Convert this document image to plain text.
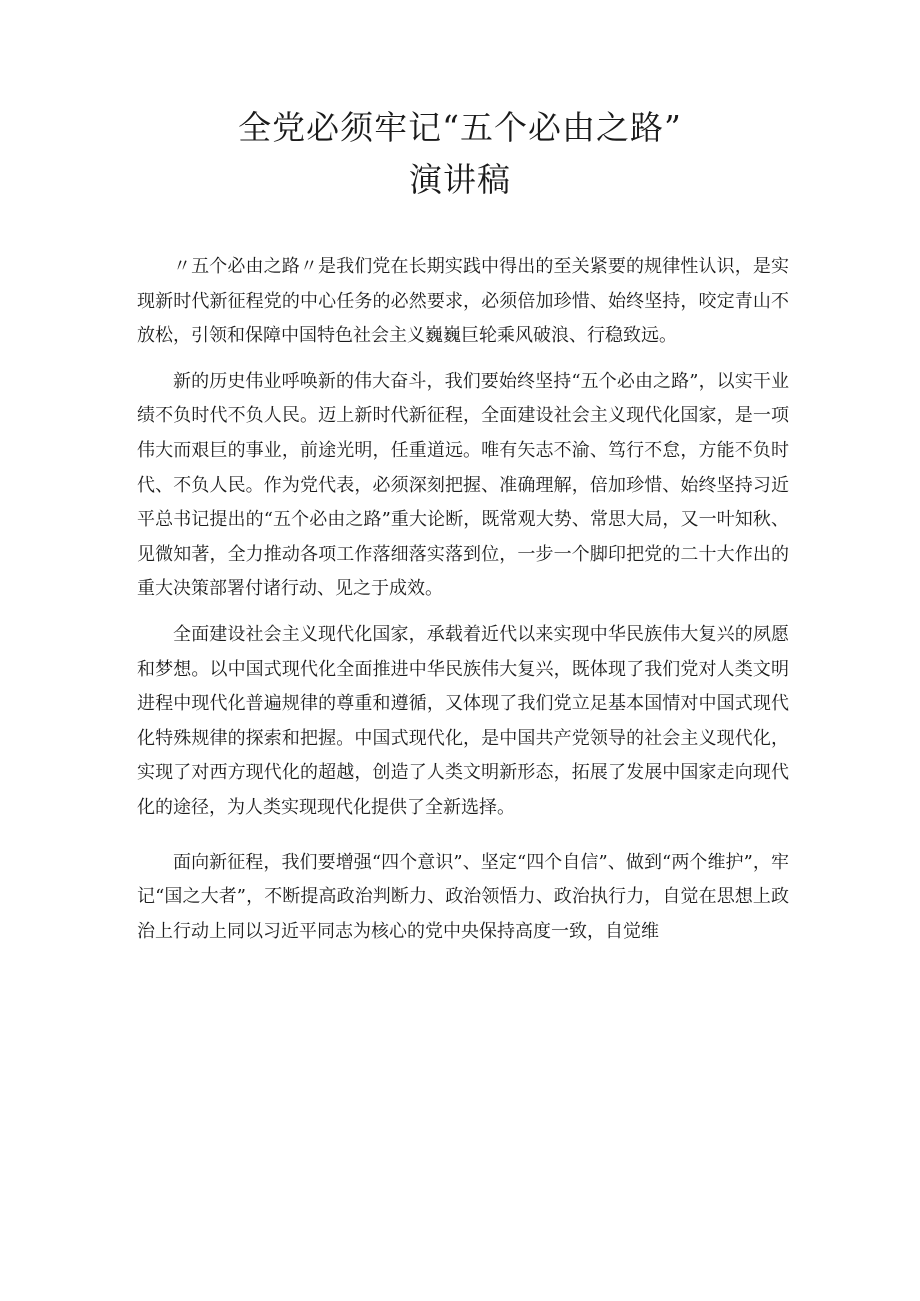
全党必须牢记“五个必由之路”
演讲稿

〃五个必由之路〃是我们党在长期实践中得出的至关紧要的规律性认识，是实现新时代新征程党的中心任务的必然要求，必须倍加珍惜、始终坚持，咬定青山不放松，引领和保障中国特色社会主义巍巍巨轮乘风破浪、行稳致远。

新的历史伟业呼唤新的伟大奋斗，我们要始终坚持“五个必由之路”，以实干业绩不负时代不负人民。迈上新时代新征程，全面建设社会主义现代化国家，是一项伟大而艰巨的事业，前途光明，任重道远。唯有矢志不渝、笃行不怠，方能不负时代、不负人民。作为党代表，必须深刻把握、准确理解，倍加珍惜、始终坚持习近平总书记提出的“五个必由之路”重大论断，既常观大势、常思大局，又一叶知秋、见微知著，全力推动各项工作落细落实落到位，一步一个脚印把党的二十大作出的重大决策部署付诸行动、见之于成效。

全面建设社会主义现代化国家，承载着近代以来实现中华民族伟大复兴的夙愿和梦想。以中国式现代化全面推进中华民族伟大复兴，既体现了我们党对人类文明进程中现代化普遍规律的尊重和遵循，又体现了我们党立足基本国情对中国式现代化特殊规律的探索和把握。中国式现代化，是中国共产党领导的社会主义现代化，实现了对西方现代化的超越，创造了人类文明新形态，拓展了发展中国家走向现代化的途径，为人类实现现代化提供了全新选择。

面向新征程，我们要增强“四个意识”、坚定“四个自信”、做到“两个维护”，牢记“国之大者”，不断提高政治判断力、政治领悟力、政治执行力，自觉在思想上政治上行动上同以习近平同志为核心的党中央保持高度一致，自觉维
